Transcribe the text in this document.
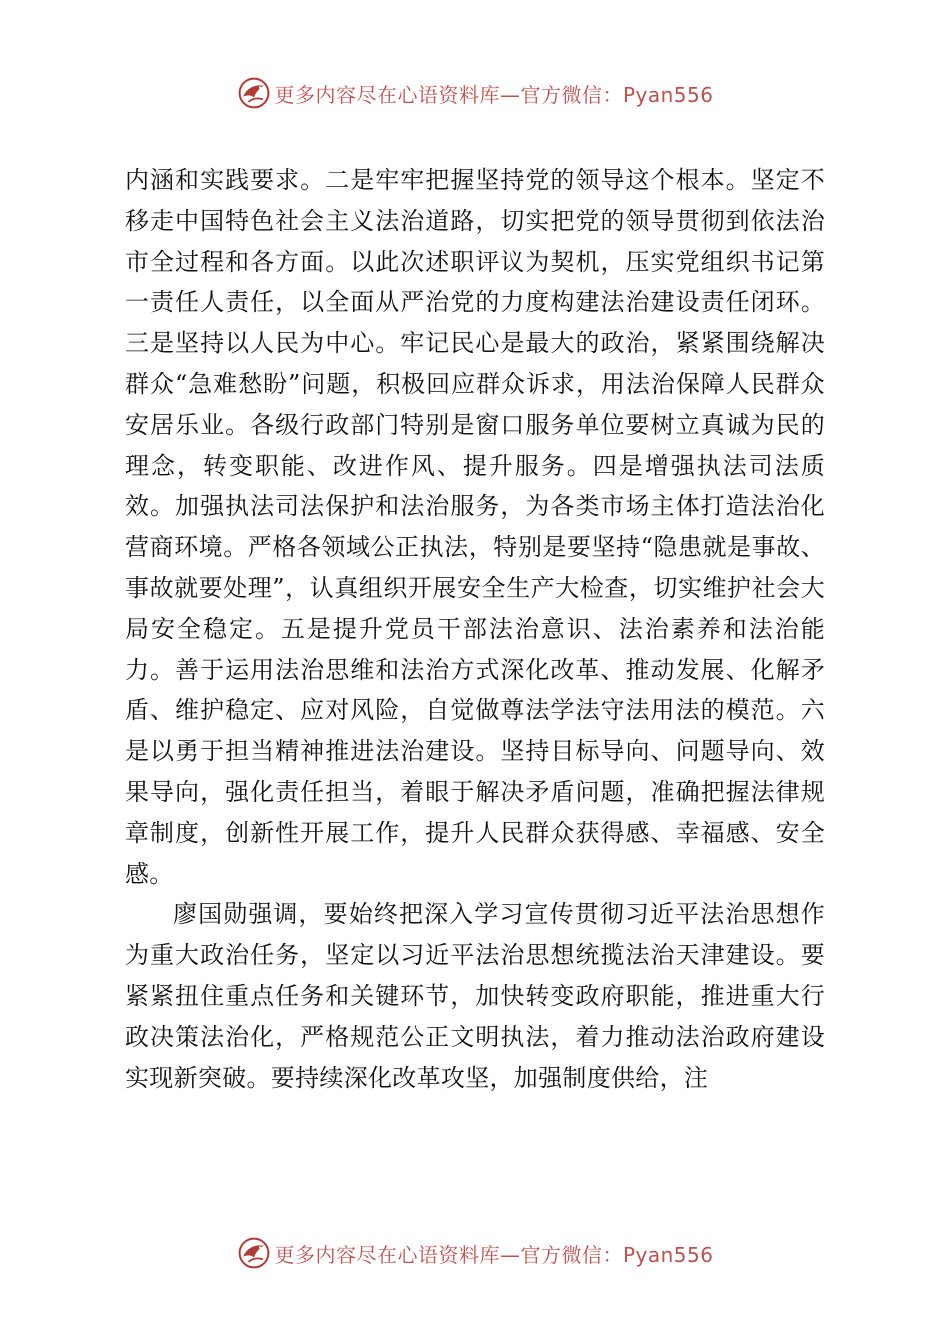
更多内容尽在心语资料库—官方微信：Pyan556

内涵和实践要求。二是牢牢把握坚持党的领导这个根本。坚定不移走中国特色社会主义法治道路，切实把党的领导贯彻到依法治市全过程和各方面。以此次述职评议为契机，压实党组织书记第一责任人责任，以全面从严治党的力度构建法治建设责任闭环。三是坚持以人民为中心。牢记民心是最大的政治，紧紧围绕解决群众“急难愁盼”问题，积极回应群众诉求，用法治保障人民群众安居乐业。各级行政部门特别是窗口服务单位要树立真诚为民的理念，转变职能、改进作风、提升服务。四是增强执法司法质效。加强执法司法保护和法治服务，为各类市场主体打造法治化营商环境。严格各领域公正执法，特别是要坚持“隐患就是事故、事故就要处理”，认真组织开展安全生产大检查，切实维护社会大局安全稳定。五是提升党员干部法治意识、法治素养和法治能力。善于运用法治思维和法治方式深化改革、推动发展、化解矛盾、维护稳定、应对风险，自觉做尊法学法守法用法的模范。六是以勇于担当精神推进法治建设。坚持目标导向、问题导向、效果导向，强化责任担当，着眼于解决矛盾问题，准确把握法律规章制度，创新性开展工作，提升人民群众获得感、幸福感、安全感。

廖国勋强调，要始终把深入学习宣传贯彻习近平法治思想作为重大政治任务，坚定以习近平法治思想统揽法治天津建设。要紧紧扭住重点任务和关键环节，加快转变政府职能，推进重大行政决策法治化，严格规范公正文明执法，着力推动法治政府建设实现新突破。要持续深化改革攻坚，加强制度供给，注

更多内容尽在心语资料库—官方微信：Pyan556
